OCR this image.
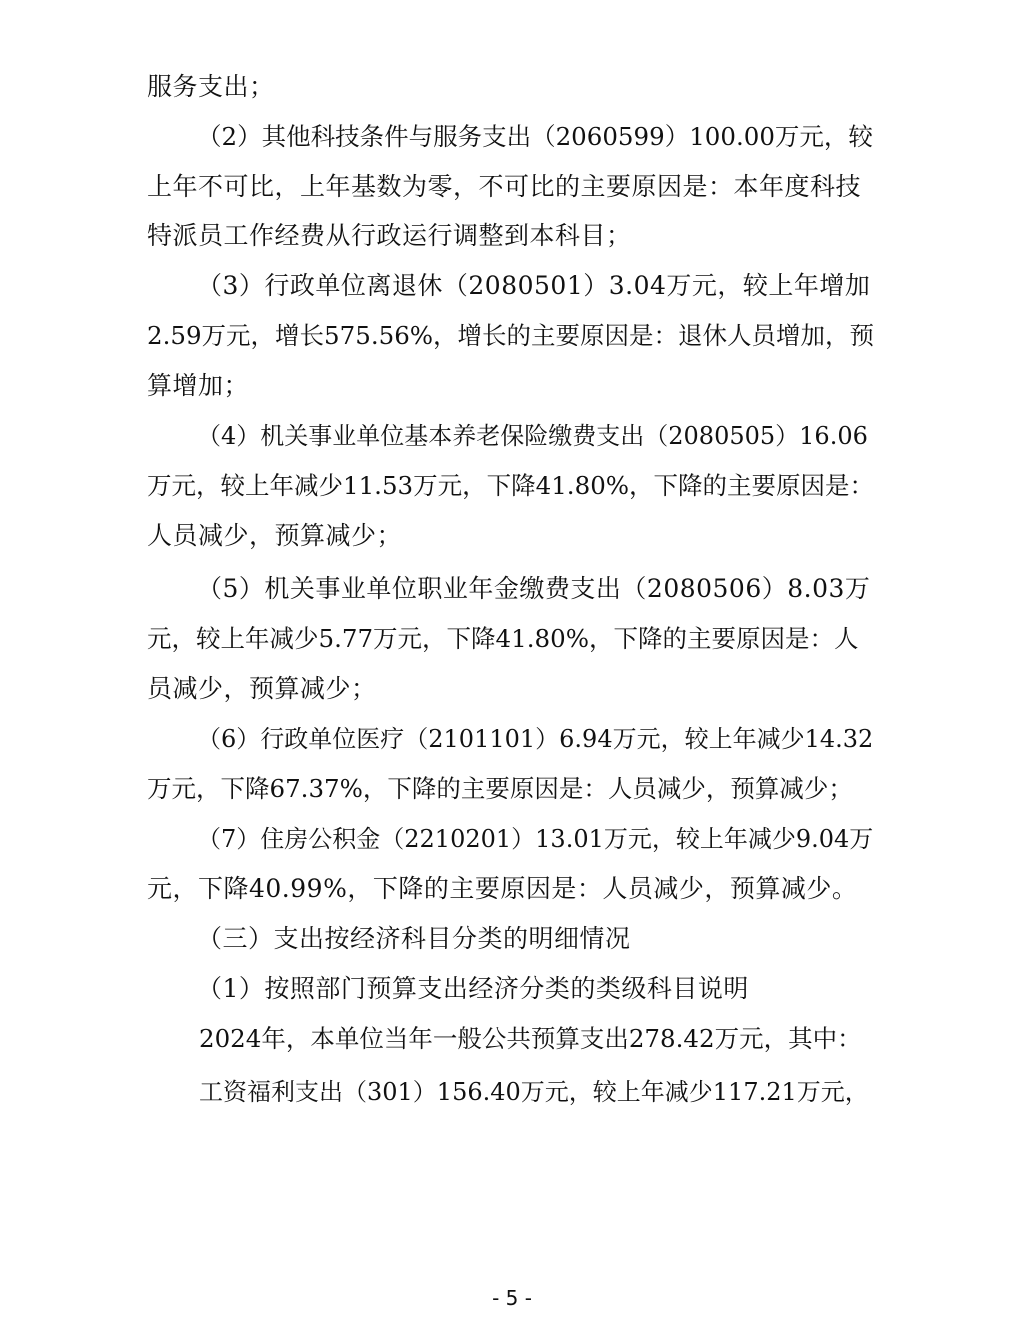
服务支出；
（2）其他科技条件与服务支出（2060599）100.00万元，较
上年不可比，上年基数为零，不可比的主要原因是：本年度科技
特派员工作经费从行政运行调整到本科目；
（3）行政单位离退休（2080501）3.04万元，较上年增加
2.59万元，增长575.56%，增长的主要原因是：退休人员增加，预
算增加；
（4）机关事业单位基本养老保险缴费支出（2080505）16.06
万元，较上年减少11.53万元，下降41.80%，下降的主要原因是：
人员减少，预算减少；
（5）机关事业单位职业年金缴费支出（2080506）8.03万
元，较上年减少5.77万元，下降41.80%，下降的主要原因是：人
员减少，预算减少；
（6）行政单位医疗（2101101）6.94万元，较上年减少14.32
万元，下降67.37%，下降的主要原因是：人员减少，预算减少；
（7）住房公积金（2210201）13.01万元，较上年减少9.04万
元，下降40.99%，下降的主要原因是：人员减少，预算减少。
（三）支出按经济科目分类的明细情况
（1）按照部门预算支出经济分类的类级科目说明
2024年，本单位当年一般公共预算支出278.42万元，其中：
工资福利支出（301）156.40万元，较上年减少117.21万元，
- 5 -
